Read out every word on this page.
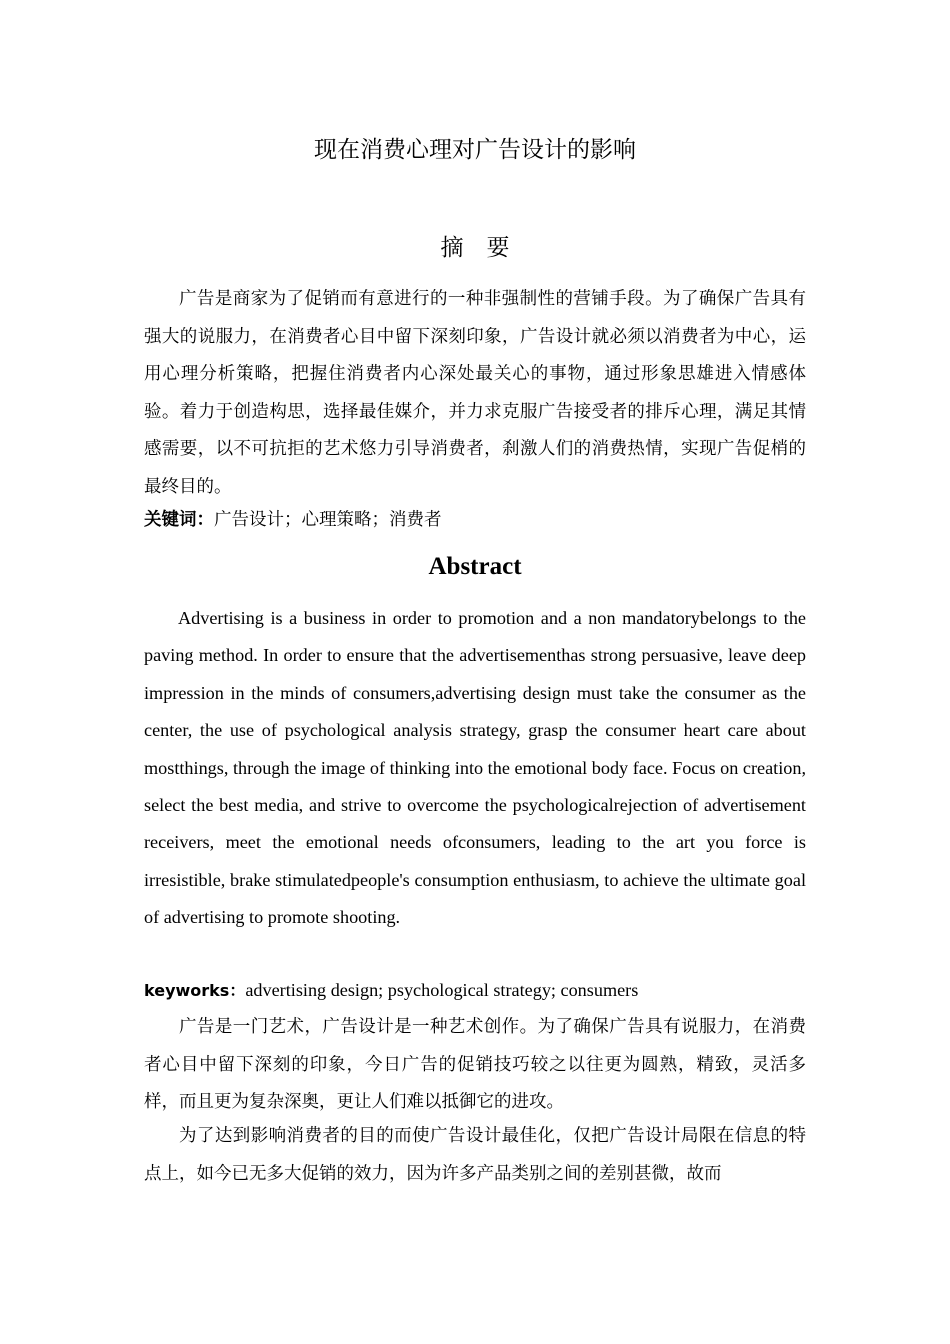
现在消费心理对广告设计的影响
摘　要

广告是商家为了促销而有意进行的一种非强制性的营铺手段。为了确保广告具有强大的说服力，在消费者心目中留下深刻印象，广告设计就必须以消费者为中心，运用心理分析策略，把握住消费者内心深处最关心的事物，通过形象思雄进入情感体验。着力于创造构思，选择最佳媒介，并力求克服广告接受者的排斥心理，满足其情感需要，以不可抗拒的艺术悠力引导消费者，刹激人们的消费热情，实现广告促梢的最终目的。

关键词：广告设计；心理策略；消费者
Abstract

Advertising is a business in order to promotion and a non mandatorybelongs to the paving method. In order to ensure that the advertisementhas strong persuasive, leave deep impression in the minds of consumers,advertising design must take the consumer as the center, the use of psychological analysis strategy, grasp the consumer heart care about mostthings, through the image of thinking into the emotional body face. Focus on creation, select the best media, and strive to overcome the psychologicalrejection of advertisement receivers, meet the emotional needs ofconsumers, leading to the art you force is irresistible, brake stimulatedpeople's consumption enthusiasm, to achieve the ultimate goal of advertising to promote shooting.

keyworks：advertising design; psychological strategy; consumers

广告是一门艺术，广告设计是一种艺术创作。为了确保广告具有说服力，在消费者心目中留下深刻的印象，今日广告的促销技巧较之以往更为圆熟，精致，灵活多样，而且更为复杂深奥，更让人们难以抵御它的进攻。

为了达到影响消费者的目的而使广告设计最佳化，仅把广告设计局限在信息的特点上，如今已无多大促销的效力，因为许多产品类别之间的差别甚微，故而
